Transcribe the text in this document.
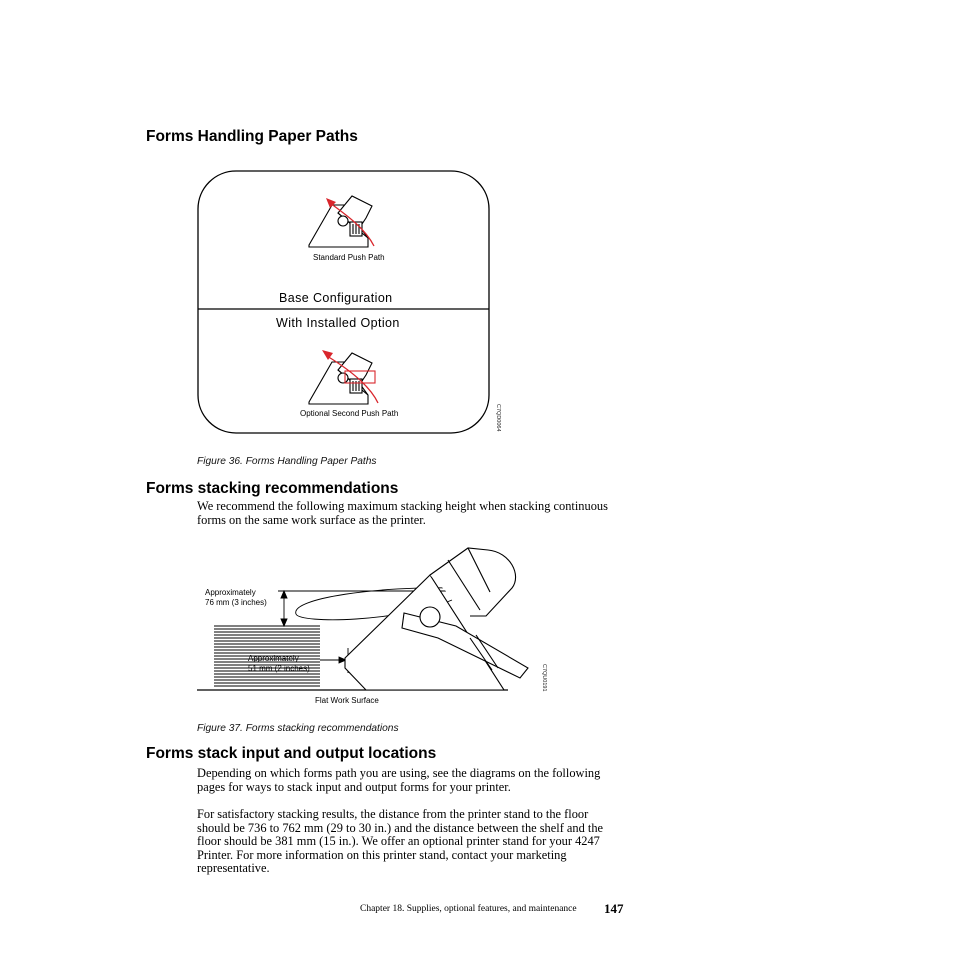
Forms Handling Paper Paths
Standard Push Path
Base Configuration
With Installed Option
Optional Second Push Path	C7QD0064
Figure 36. Forms Handling Paper Paths
Forms stacking recommendations
We recommend the following maximum stacking height when stacking continuous
forms on the same work surface as the printer.
Approximately
76 mm (3 inches)
Approximately
51 mm (2 inches)
Flat Work Surface
C7QU0191
Figure 37. Forms stacking recommendations
Forms stack input and output locations
Depending on which forms path you are using, see the diagrams on the following
pages for ways to stack input and output forms for your printer.
For satisfactory stacking results, the distance from the printer stand to the floor
should be 736 to 762 mm (29 to 30 in.) and the distance between the shelf and the
floor should be 381 mm (15 in.). We offer an optional printer stand for your 4247
Printer. For more information on this printer stand, contact your marketing
representative.
Chapter 18. Supplies, optional features, and maintenance 147
